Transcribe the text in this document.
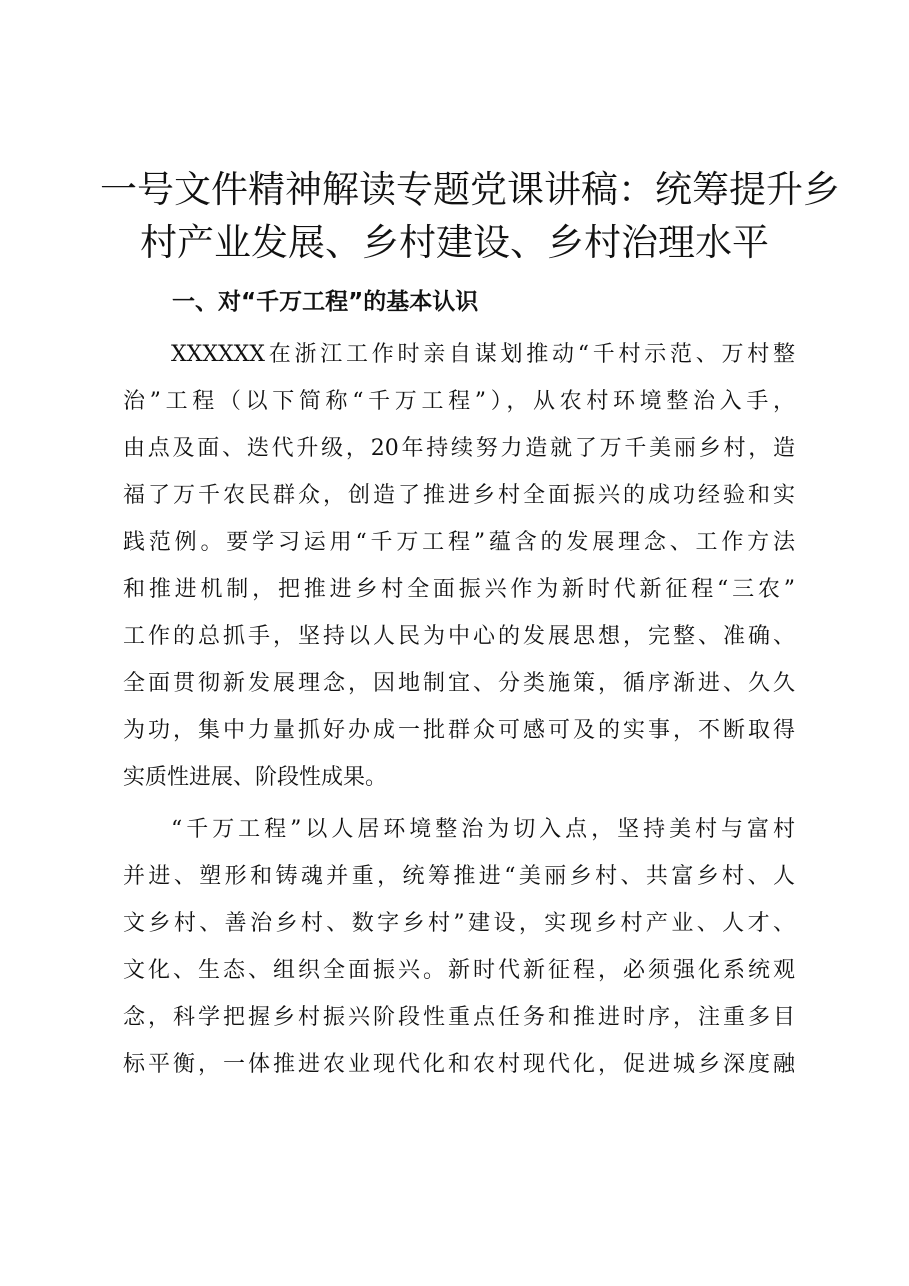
一号文件精神解读专题党课讲稿：统筹提升乡
村产业发展、乡村建设、乡村治理水平
一、对“千万工程”的基本认识
XXXXXX在浙江工作时亲自谋划推动“千村示范、万村整
治”工程（以下简称“千万工程”），从农村环境整治入手，
由点及面、迭代升级，20年持续努力造就了万千美丽乡村，造
福了万千农民群众，创造了推进乡村全面振兴的成功经验和实
践范例。要学习运用“千万工程”蕴含的发展理念、工作方法
和推进机制，把推进乡村全面振兴作为新时代新征程“三农”
工作的总抓手，坚持以人民为中心的发展思想，完整、准确、
全面贯彻新发展理念，因地制宜、分类施策，循序渐进、久久
为功，集中力量抓好办成一批群众可感可及的实事，不断取得
实质性进展、阶段性成果。
“千万工程”以人居环境整治为切入点，坚持美村与富村
并进、塑形和铸魂并重，统筹推进“美丽乡村、共富乡村、人
文乡村、善治乡村、数字乡村”建设，实现乡村产业、人才、
文化、生态、组织全面振兴。新时代新征程，必须强化系统观
念，科学把握乡村振兴阶段性重点任务和推进时序，注重多目
标平衡，一体推进农业现代化和农村现代化，促进城乡深度融
